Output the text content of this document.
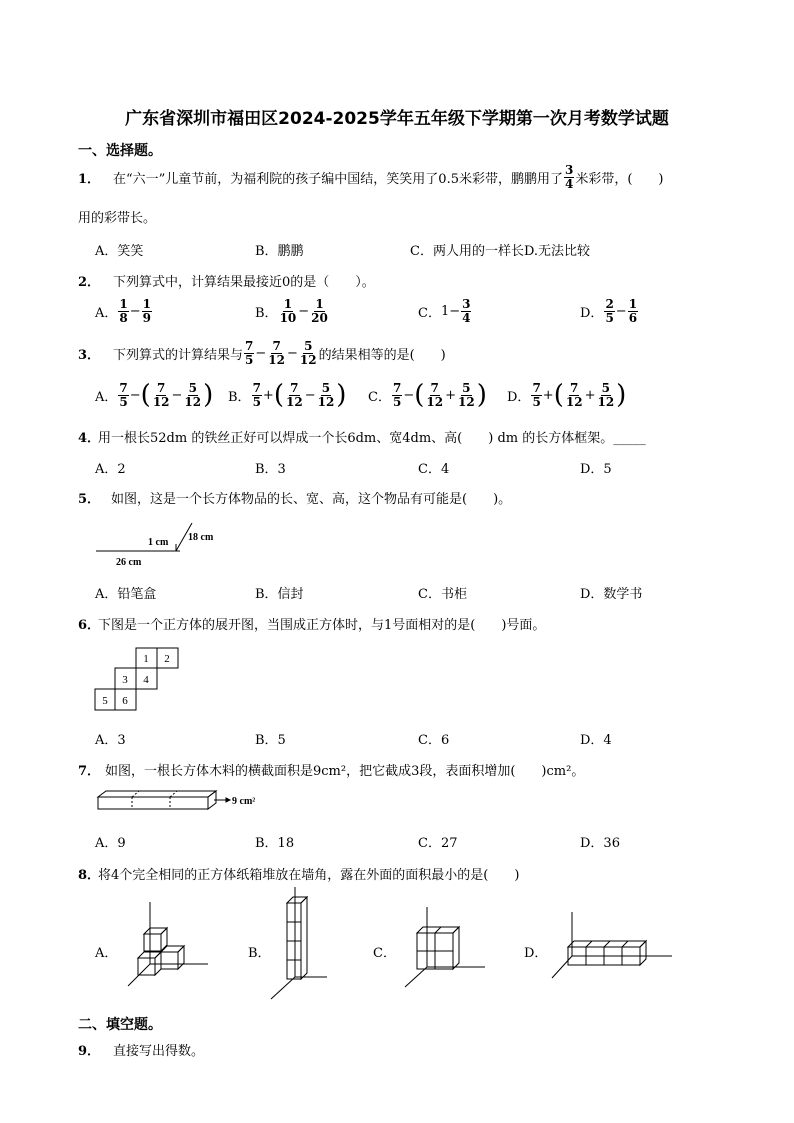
广东省深圳市福田区2024-2025学年五年级下学期第一次月考数学试题
一、选择题。
1． 在“六一”儿童节前，为福利院的孩子编中国结，笑笑用了0.5米彩带，鹏鹏用了 $\frac{3}{4}$ 米彩带，(　　)
用的彩带长。
A．笑笑	B．鹏鹏	C．两人用的一样长D.无法比较
2． 下列算式中，计算结果最接近0的是（　　）。
A． $\frac{1}{8} - \frac{1}{9}$	B． $\frac{1}{10} - \frac{1}{20}$	C． $1- \frac{3}{4}$	D． $\frac{2}{5} - \frac{1}{6}$
3． 下列算式的计算结果与 $\frac{7}{5} - \frac{7}{12} - \frac{5}{12}$ 的结果相等的是(　　)
A． $\frac{7}{5}$ − ( $\frac{7}{12} - \frac{5}{12}$ ) B． $\frac{7}{5}$ + ( $\frac{7}{12} - \frac{5}{12}$ ) C． $\frac{7}{5}$ − ( $\frac{7}{12} + \frac{5}{12}$ ) D． $\frac{7}{5}$ + ( $\frac{7}{12} + \frac{5}{12}$ )
4．
用一根长52dm 的铁丝正好可以焊成一个长6dm、宽4dm、高(　　) dm 的长方体框架。_____
A．2	B．3	C．4	D．5
5． 如图，这是一个长方体物品的长、宽、高，这个物品有可能是(　　)。
1 cm 18 cm
26 cm
A．铅笔盒	B．信封	C．书柜	D．数学书
6．
下图是一个正方体的展开图，当围成正方体时，与1号面相对的是(　　)号面。
1 2
3 4
5 6
A．3	B．5	C．6	D．4
7． 如图，一根长方体木料的横截面积是9cm²，把它截成3段，表面积增加(　　)cm²。
9 cm²
A．9	B．18	C．27	D．36
8．
将4个完全相同的正方体纸箱堆放在墙角，露在外面的面积最小的是(　　)
A．	B．	C．	D．
二、填空题。
9． 直接写出得数。
